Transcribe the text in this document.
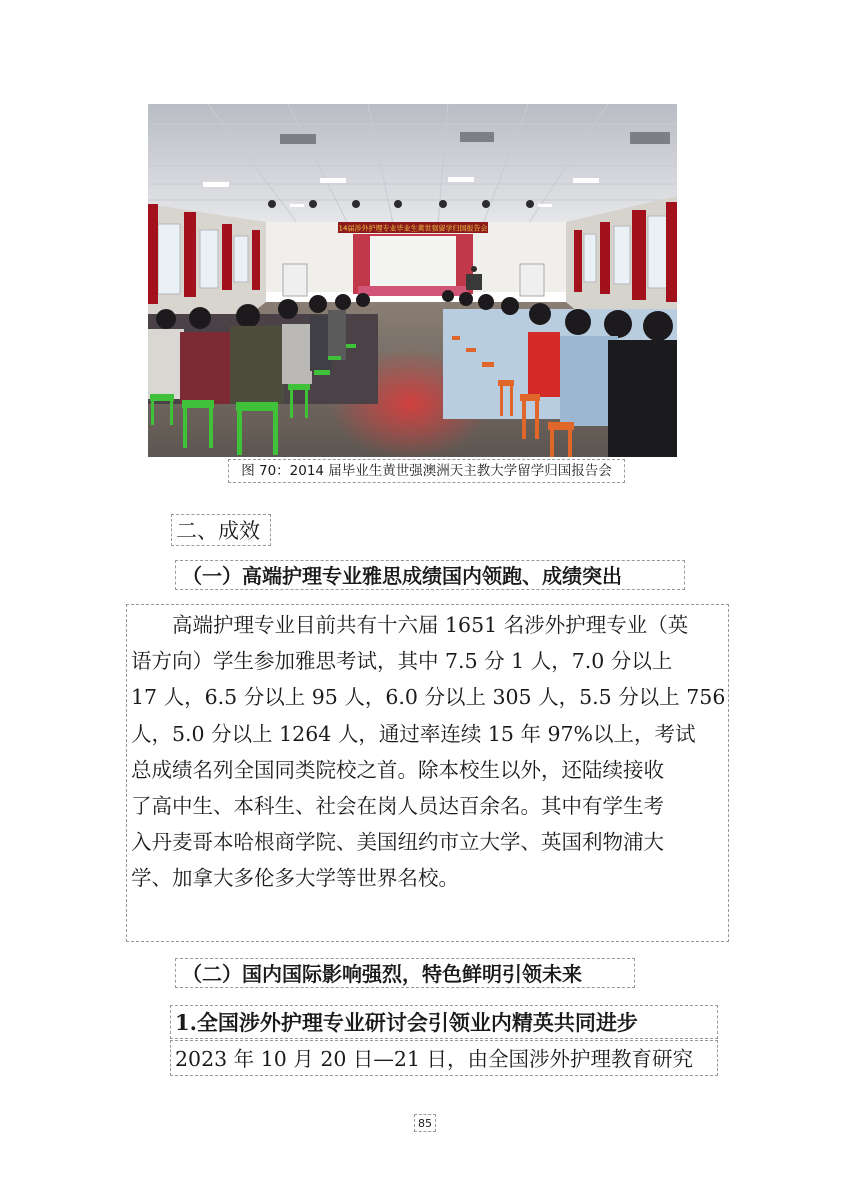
14届涉外护理专业毕业生黄世强留学归国报告会
图 70：2014 届毕业生黄世强澳洲天主教大学留学归国报告会
二、成效
（一）高端护理专业雅思成绩国内领跑、成绩突出
　　高端护理专业目前共有十六届 1651 名涉外护理专业（英
语方向）学生参加雅思考试，其中 7.5 分 1 人，7.0 分以上
17 人，6.5 分以上 95 人，6.0 分以上 305 人，5.5 分以上 756
人，5.0 分以上 1264 人，通过率连续 15 年 97%以上，考试
总成绩名列全国同类院校之首。除本校生以外，还陆续接收
了高中生、本科生、社会在岗人员达百余名。其中有学生考
入丹麦哥本哈根商学院、美国纽约市立大学、英国利物浦大
学、加拿大多伦多大学等世界名校。
（二）国内国际影响强烈，特色鲜明引领未来
1.全国涉外护理专业研讨会引领业内精英共同进步
2023 年 10 月 20 日—21 日，由全国涉外护理教育研究
85
